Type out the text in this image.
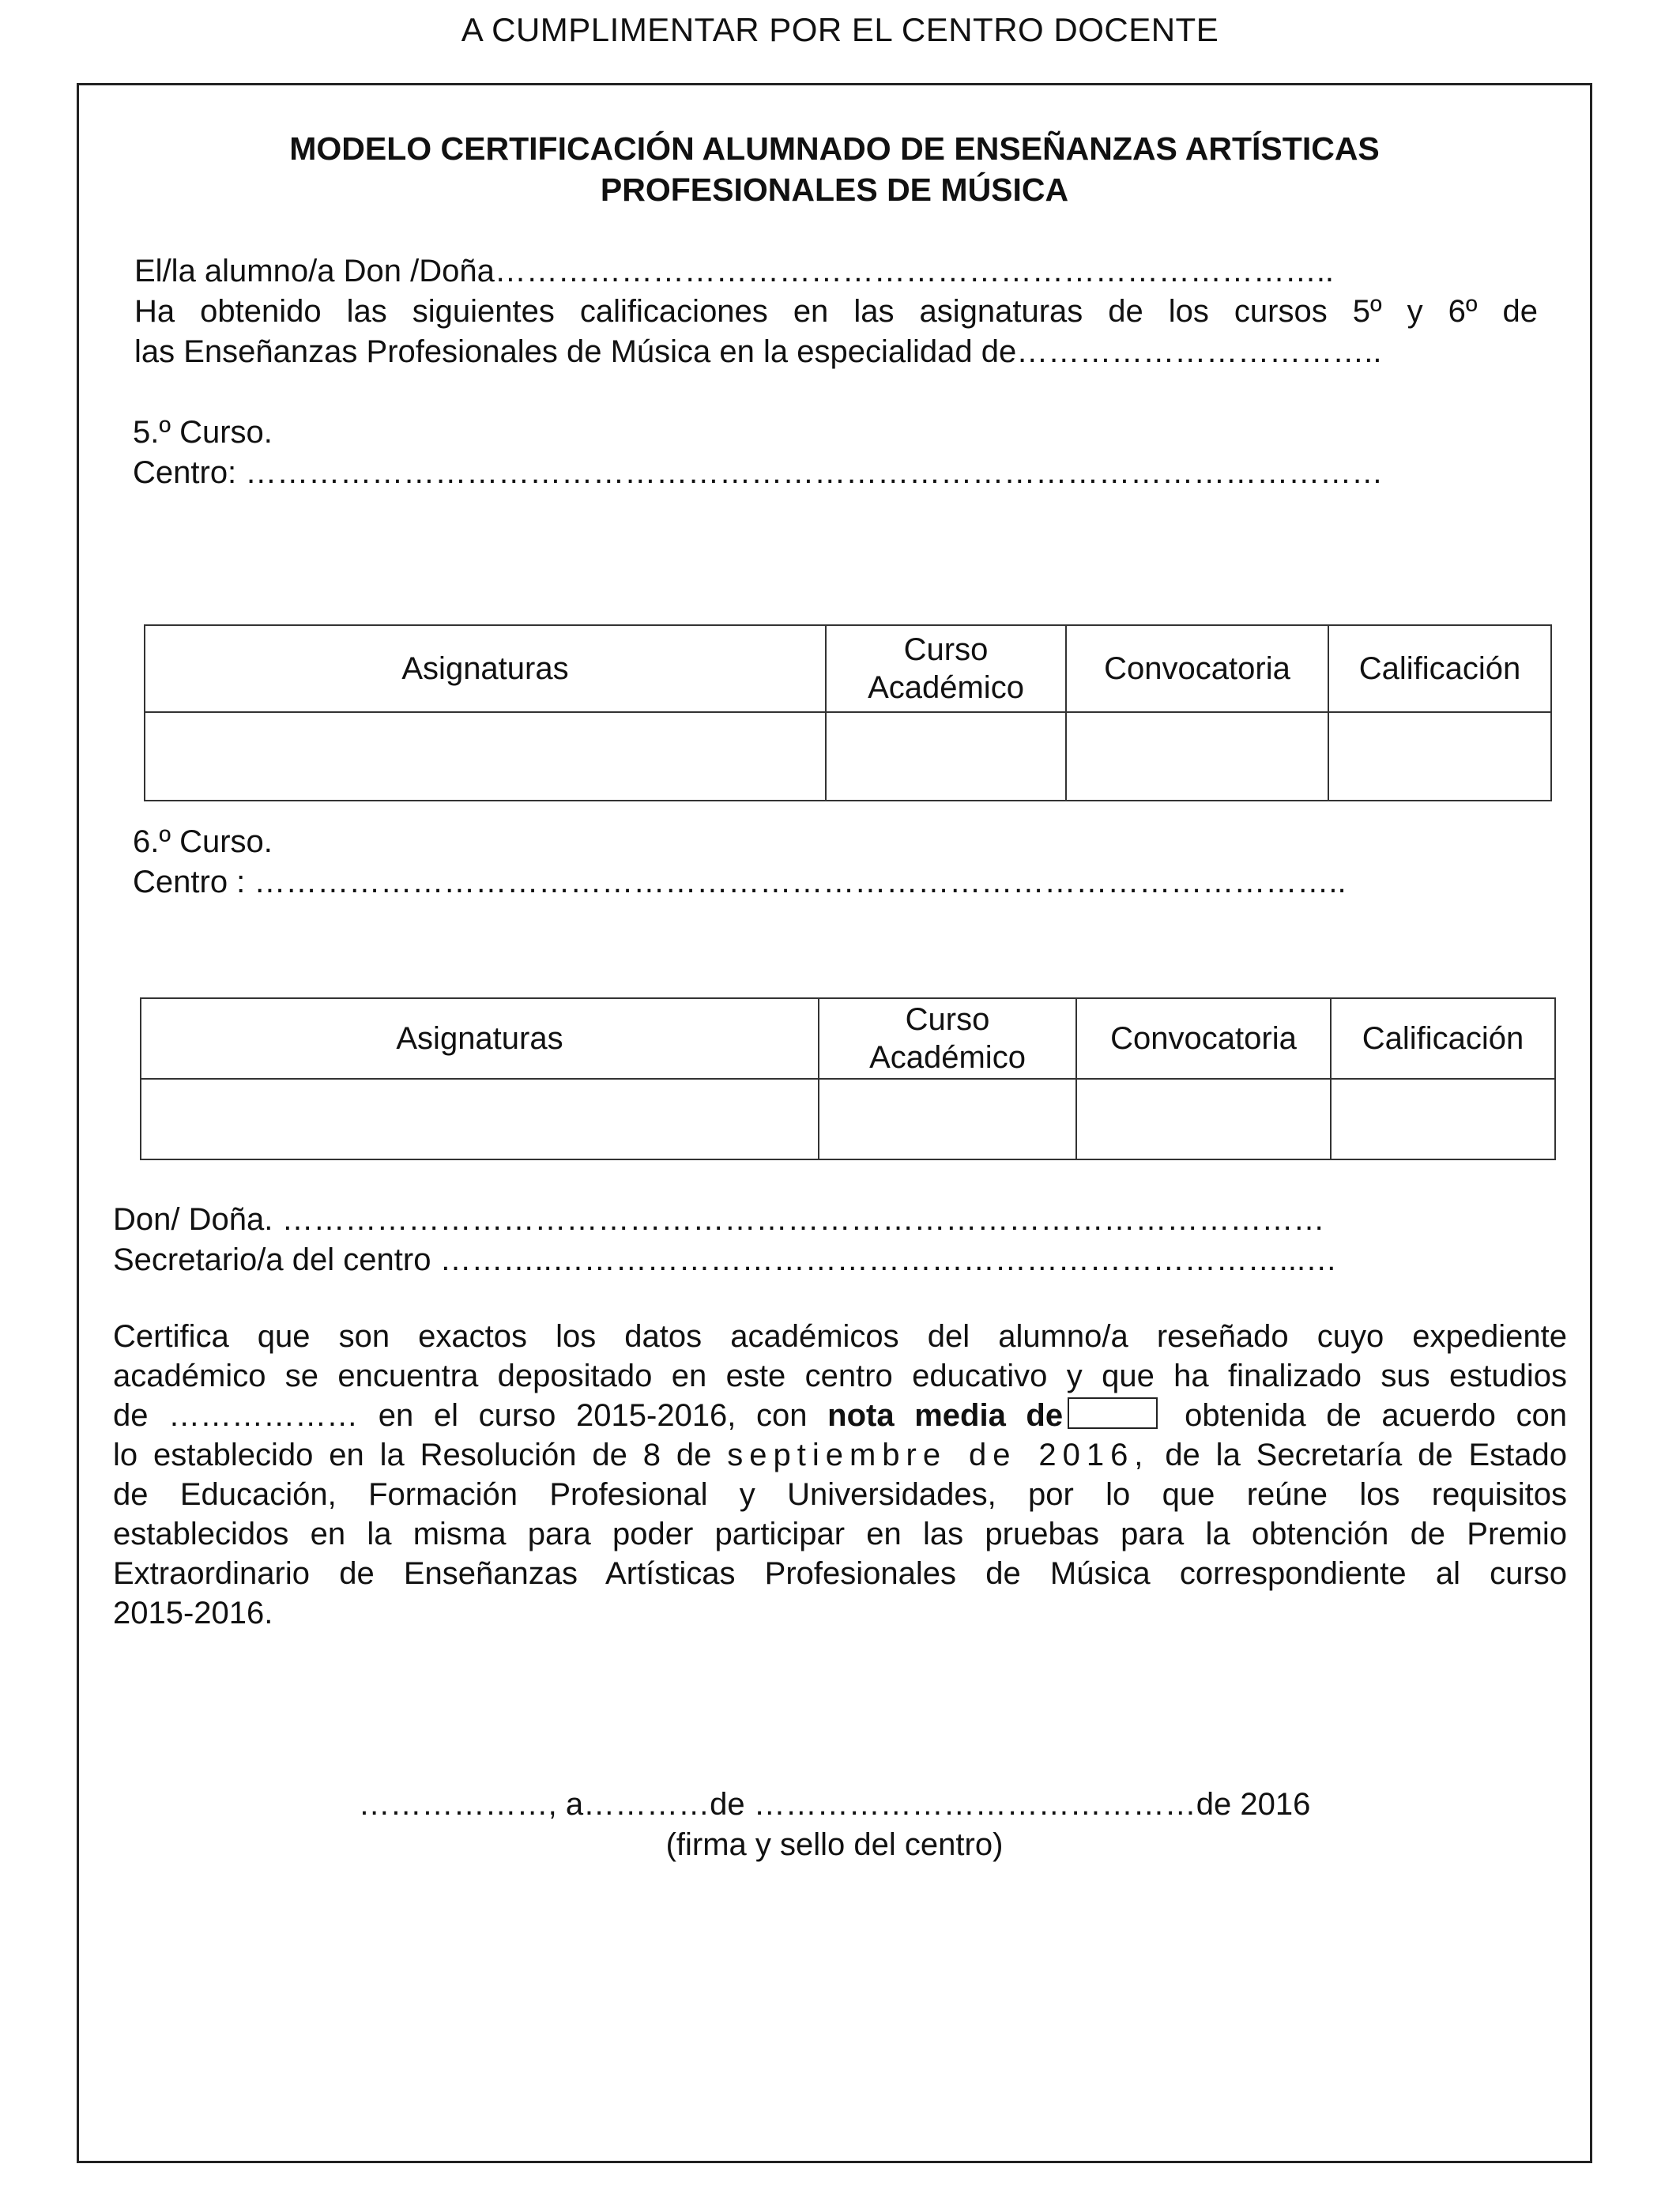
A CUMPLIMENTAR POR EL CENTRO DOCENTE
MODELO CERTIFICACIÓN ALUMNADO DE ENSEÑANZAS ARTÍSTICAS
PROFESIONALES DE MÚSICA
El/la alumno/a Don /Doña……………………………………………………………………..
Ha obtenido las siguientes calificaciones en las asignaturas de los cursos 5º y 6º de
las Enseñanzas Profesionales de Música en la especialidad de……………………………..
5.º Curso.
Centro: ………………………………………………………………………………………………
Asignaturas	Curso Académico	Convocatoria	Calificación

6.º Curso.
Centro : …………………………………………………………………………………………..
Asignaturas	Curso Académico	Convocatoria	Calificación

Don/ Doña. ………………………………………………………………………………………
Secretario/a del centro ………..……………………………………………………………...…
Certifica que son exactos los datos académicos del alumno/a reseñado cuyo expediente
académico se encuentra depositado en este centro educativo y que ha finalizado sus estudios
de ……………… en el curso 2015-2016, con nota media de	obtenida de acuerdo con
lo establecido en la Resolución de 8 de septiembre de 2016, de la Secretaría de Estado
de Educación, Formación Profesional y Universidades, por lo que reúne los requisitos
establecidos en la misma para poder participar en las pruebas para la obtención de Premio
Extraordinario de Enseñanzas Artísticas Profesionales de Música correspondiente al curso
2015-2016.
………………, a…………de ……………………………………de 2016
(firma y sello del centro)
